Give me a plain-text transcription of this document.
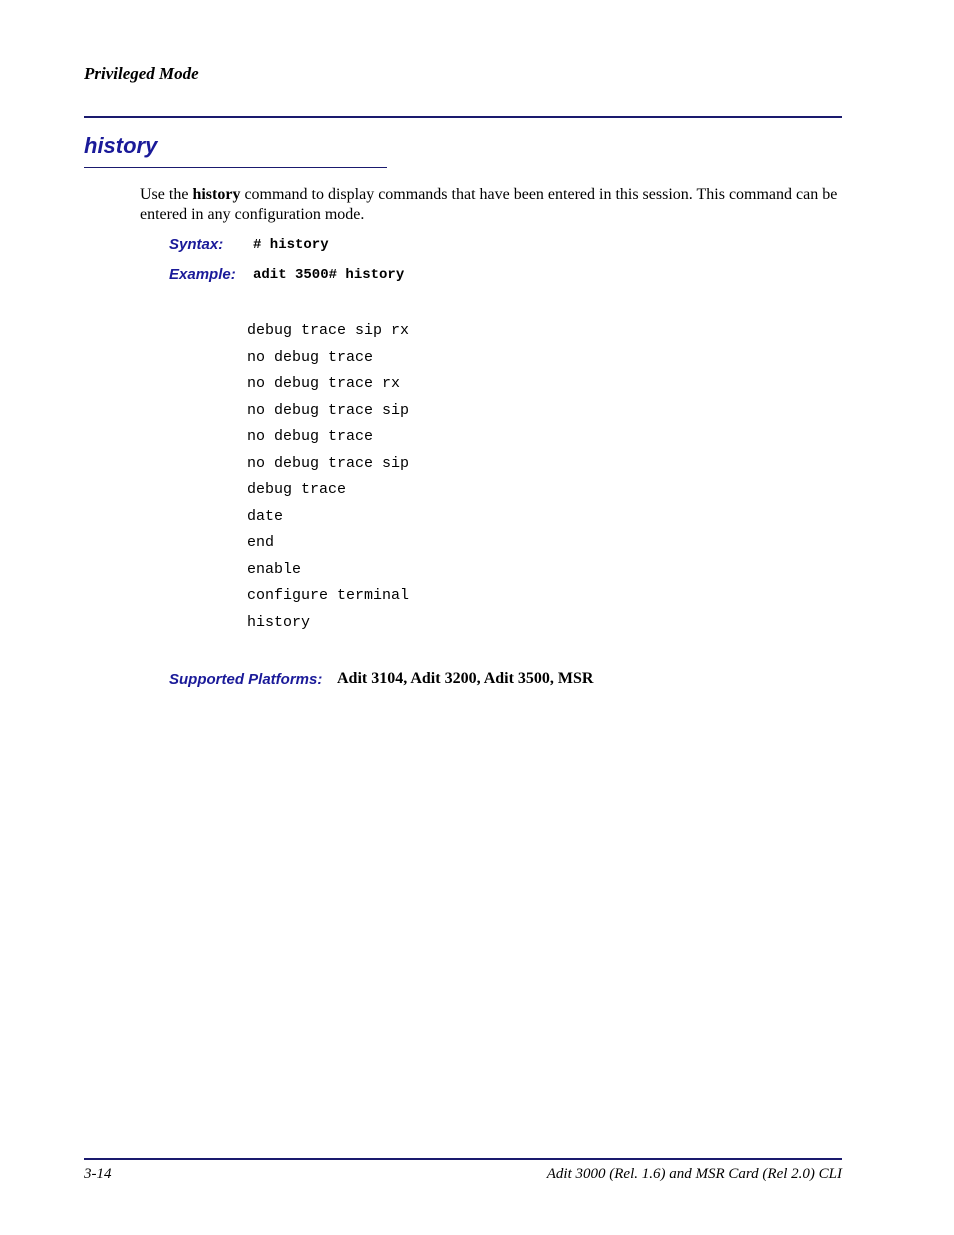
Privileged Mode
history

Use the history command to display commands that have been entered in this session. This command can be entered in any configuration mode.

Syntax: # history
Example: adit 3500# history
debug trace sip rx
no debug trace
no debug trace rx
no debug trace sip
no debug trace
no debug trace sip
debug trace
date
end
enable
configure terminal
history
Supported Platforms: Adit 3104, Adit 3200, Adit 3500, MSR
3-14	Adit 3000 (Rel. 1.6) and MSR Card (Rel 2.0) CLI
